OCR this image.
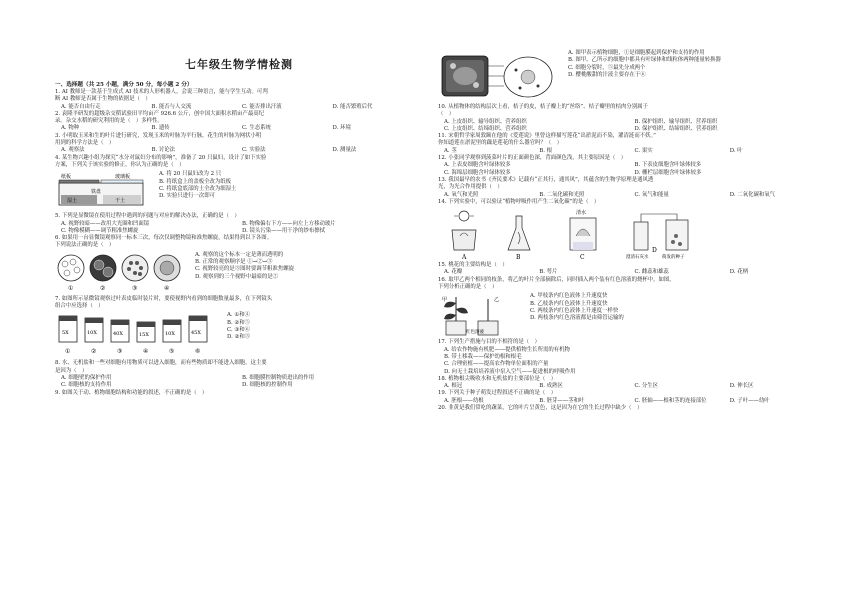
七年级生物学情检测
一、选择题（共 25 小题，满分 50 分，每小题 2 分）
1. AI 教师是一款基于生成式 AI 技术的人形机器人，会说三种语言，能与学生互动。可判
断 AI 教师是否属于生物的依据是（　）
A. 能否自由行走	B. 能否与人交流	C. 能否排出汗液	D. 能否繁殖后代
2. 袁隆平研发的超级杂交稻试验田平均亩产 926.6 公斤，创中国大面积水稻亩产最高纪
录。杂交水稻的研究利用的是（　）多样性。
A. 物种	B. 遗传	C. 生态系统	D. 环境
3. 小明取玉米和生的叶片进行研究，发现玉米的叶脉为平行脉，花生的叶脉为网状小明
用到的科学方法是（　）
A. 观察法	B. 讨论法	C. 实验法	D. 测量法
4. 某生物兴趣小组为探究“水分对鼠妇分布的影响”，准备了 20 只鼠妇，设计了如下实验
方案，下列关于该实验的修正，你认为正确的是（　）
纸板	玻璃板
湿土	干土
铁盘
A. 将 20 只鼠妇改为 2 只
B. 将纸盒上的盖板全改为纸板
C. 将纸盒底部的土全改为细湿土
D. 实验只进行一次即可
5. 下列是显微镜在使用过程中遇到的问题与对应的解决办法，正确的是（　）
A. 视野较暗——改用大光圈和凹面镜	B. 物像偏右下方——向左上方移动玻片
C. 物像模糊——调节粗准焦螺旋	D. 镜头污染——用干净的纱布擦拭
6. 如果用一台显微镜观察同一标本三次，每次仅调整物镜和准焦螺旋，结果得到以下各图。
下列说法正确的是（　）
①	②	③	④
A. 观察的这个标本一定是薄而透明的
B. 正常的观察顺序是 ①→②→③
C. 视野较亮的是③图时要调节粗准焦螺旋
D. 观察到的三个视野中最暗的是②
7. 如图所示显微镜观察过叶表皮临时装片时，要使视野内看到的细胞数量最多，在下列镜头
组合中应选择（　）
5X	10X	40X	15X	10X	45X
①	②	③	④	⑤	⑥
A. ①和④
B. ②和⑤
C. ③和⑥
D. ②和③
8. 水、无机盐和一些对细胞有用物质可以进入细胞，而有些物质却不能进入细胞，这主要
是因为（　）
A. 细胞壁的保护作用	B. 细胞膜控制物质进出的作用
C. 细胞核的支持作用	D. 细胞核的控制作用
9. 如图关于动、植物细胞结构和功能的叙述，不正确的是（　）
A. 图甲表示植物细胞，①是细胞膜起到保护和支持的作用
B. 图甲、乙所示的细胞中都具有叶绿体和线粒体两种能量转换器
C. 细胞分裂时，⑤最先分成两个
D. 樱桃酸甜的汁液主要存在于⑥
10. 从植物体的结构层次上看，桔子的皮，桔子瓣上的“丝络”、桔子瓣里的桔肉分别属于
（　）
A. 上皮组织、输导组织、营养组织	B. 保护组织、输导组织、营养组织
C. 上皮组织、结缔组织、营养组织	D. 保护组织、结缔组织、营养组织
11. 宋朝哲学家周敦颐在他的《爱莲说》里曾这样描写莲花“出淤泥而不染，濯清涟而不妖。”
你知道莲在淤泥里的藕是莲花的什么器官吗？（　）
A. 茎	B. 根	C. 果实	D. 叶
12. 小张同学观察到菠菜叶片的正面颜色深，背面颜色浅，其主要原因是（　）
A. 上表皮细胞含叶绿体较多	B. 下表皮细胞含叶绿体较多
C. 海绵层细胞含叶绿体较多	D. 栅栏层细胞含叶绿体较多
13. 我国最早的农书《齐民要术》记载有“正其行，通其风”，其蕴含的生物学原理是通风透
光，为光合作用提供（　）
A. 氧气和光照	B. 二氧化碳和光照	C. 氧气和能量	D. 二氧化碳和氧气
14. 下列实验中，可以验证“植物呼吸作用产生二氧化碳”的是（　）
清水
澄清石灰水	萌发的种子
A	B	C
D
15. 桃花的主要结构是（　）
A. 花瓣	B. 萼片	C. 雌蕊和雄蕊	D. 花柄
16. 取甲乙两个相同的枝条，将乙的叶片全部摘除后，同时插入两个装有红色溶液的烧杯中，如图，
下列分析正确的是（　）
甲	乙
红色溶液
A. 甲枝条内红色液体上升速度快
B. 乙枝条内红色液体上升速度快
C. 两枝条内红色液体上升速度一样快
D. 两枝条内红色溶液都是由筛管运输的
17. 下列生产措施与目的不相符的是（　）
A. 给农作物施有机肥——提供植物生长所需的有机物
B. 带土移栽——保护幼根和根毛
C. 合理密植——提高农作物单位面积的产量
D. 向无土栽培培养液中泵入空气——促进根的呼吸作用
18. 植物根尖吸收水和无机盐的主要部位是（　）
A. 根冠	B. 成熟区	C. 分生区	D. 伸长区
19. 下列关于种子萌发过程叙述不正确的是（　）
A. 胚根——幼根	B. 胚芽——茎和叶	C. 胚轴——根和茎的连接部位	D. 子叶——幼叶
20. 韭黄是我们常吃的蔬菜，它的叶片呈黄色，这是因为在它的生长过程中缺少（　）
